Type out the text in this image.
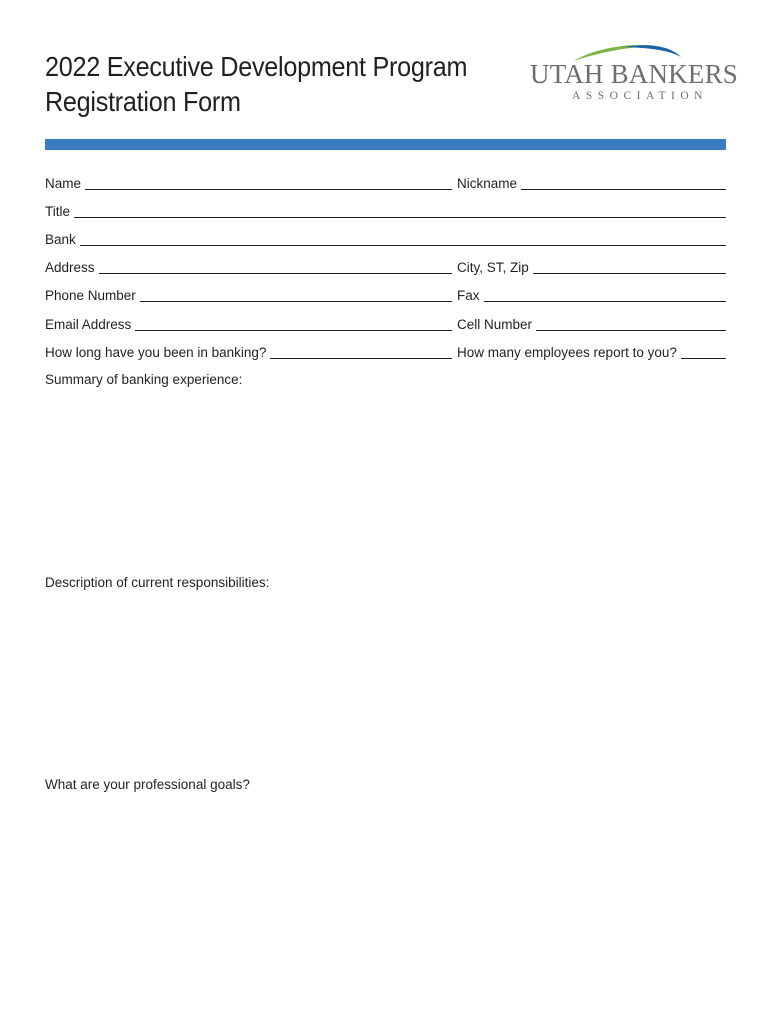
2022 Executive Development Program
Registration Form
UTAH BANKERS
ASSOCIATION
Name	Nickname
Title
Bank
Address	City, ST, Zip
Phone Number	Fax
Email Address	Cell Number
How long have you been in banking?	How many employees report to you?
Summary of banking experience:
Description of current responsibilities:
What are your professional goals?
